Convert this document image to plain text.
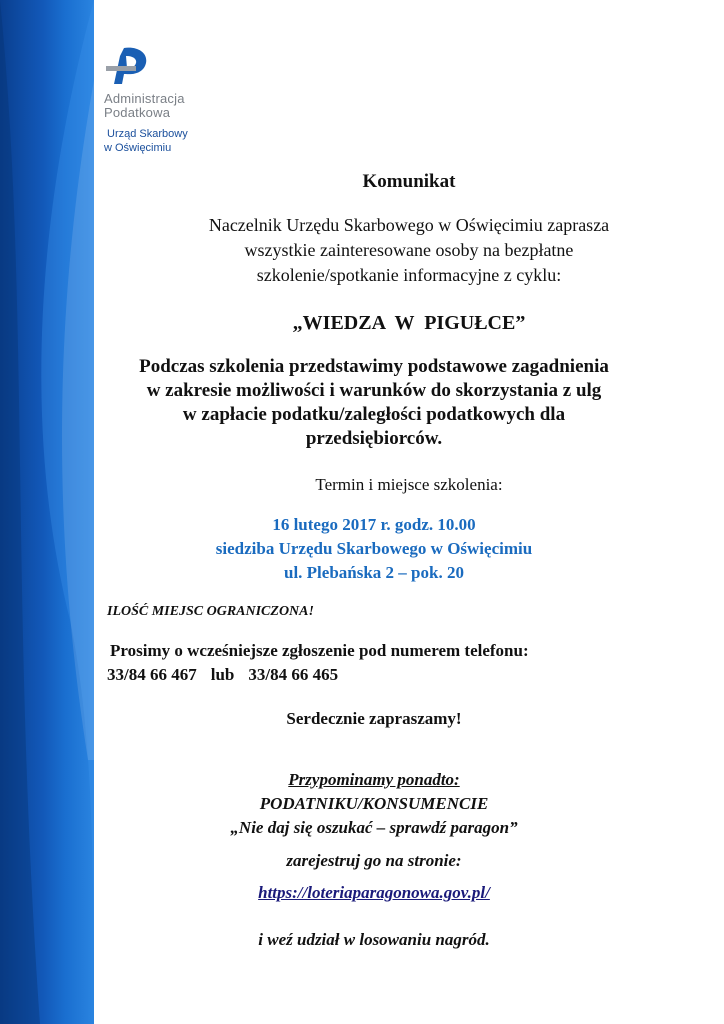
Administracja
Podatkowa
Urząd Skarbowy
w Oświęcimiu
Komunikat
Naczelnik Urzędu Skarbowego w Oświęcimiu zaprasza
wszystkie zainteresowane osoby na bezpłatne
szkolenie/spotkanie informacyjne z cyklu:
„WIEDZA  W  PIGUŁCE”
Podczas szkolenia przedstawimy podstawowe zagadnienia
w zakresie możliwości i warunków do skorzystania z ulg
w zapłacie podatku/zaległości podatkowych dla
przedsiębiorców.
Termin i miejsce szkolenia:
16 lutego 2017 r. godz. 10.00
siedziba Urzędu Skarbowego w Oświęcimiu
ul. Plebańska 2 – pok. 20
ILOŚĆ MIEJSC OGRANICZONA!
Prosimy o wcześniejsze zgłoszenie pod numerem telefonu:
33/84 66 467 lub 33/84 66 465
Serdecznie zapraszamy!
Przypominamy ponadto:
PODATNIKU/KONSUMENCIE
„Nie daj się oszukać – sprawdź paragon”
zarejestruj go na stronie:
https://loteriaparagonowa.gov.pl/
i weź udział w losowaniu nagród.
